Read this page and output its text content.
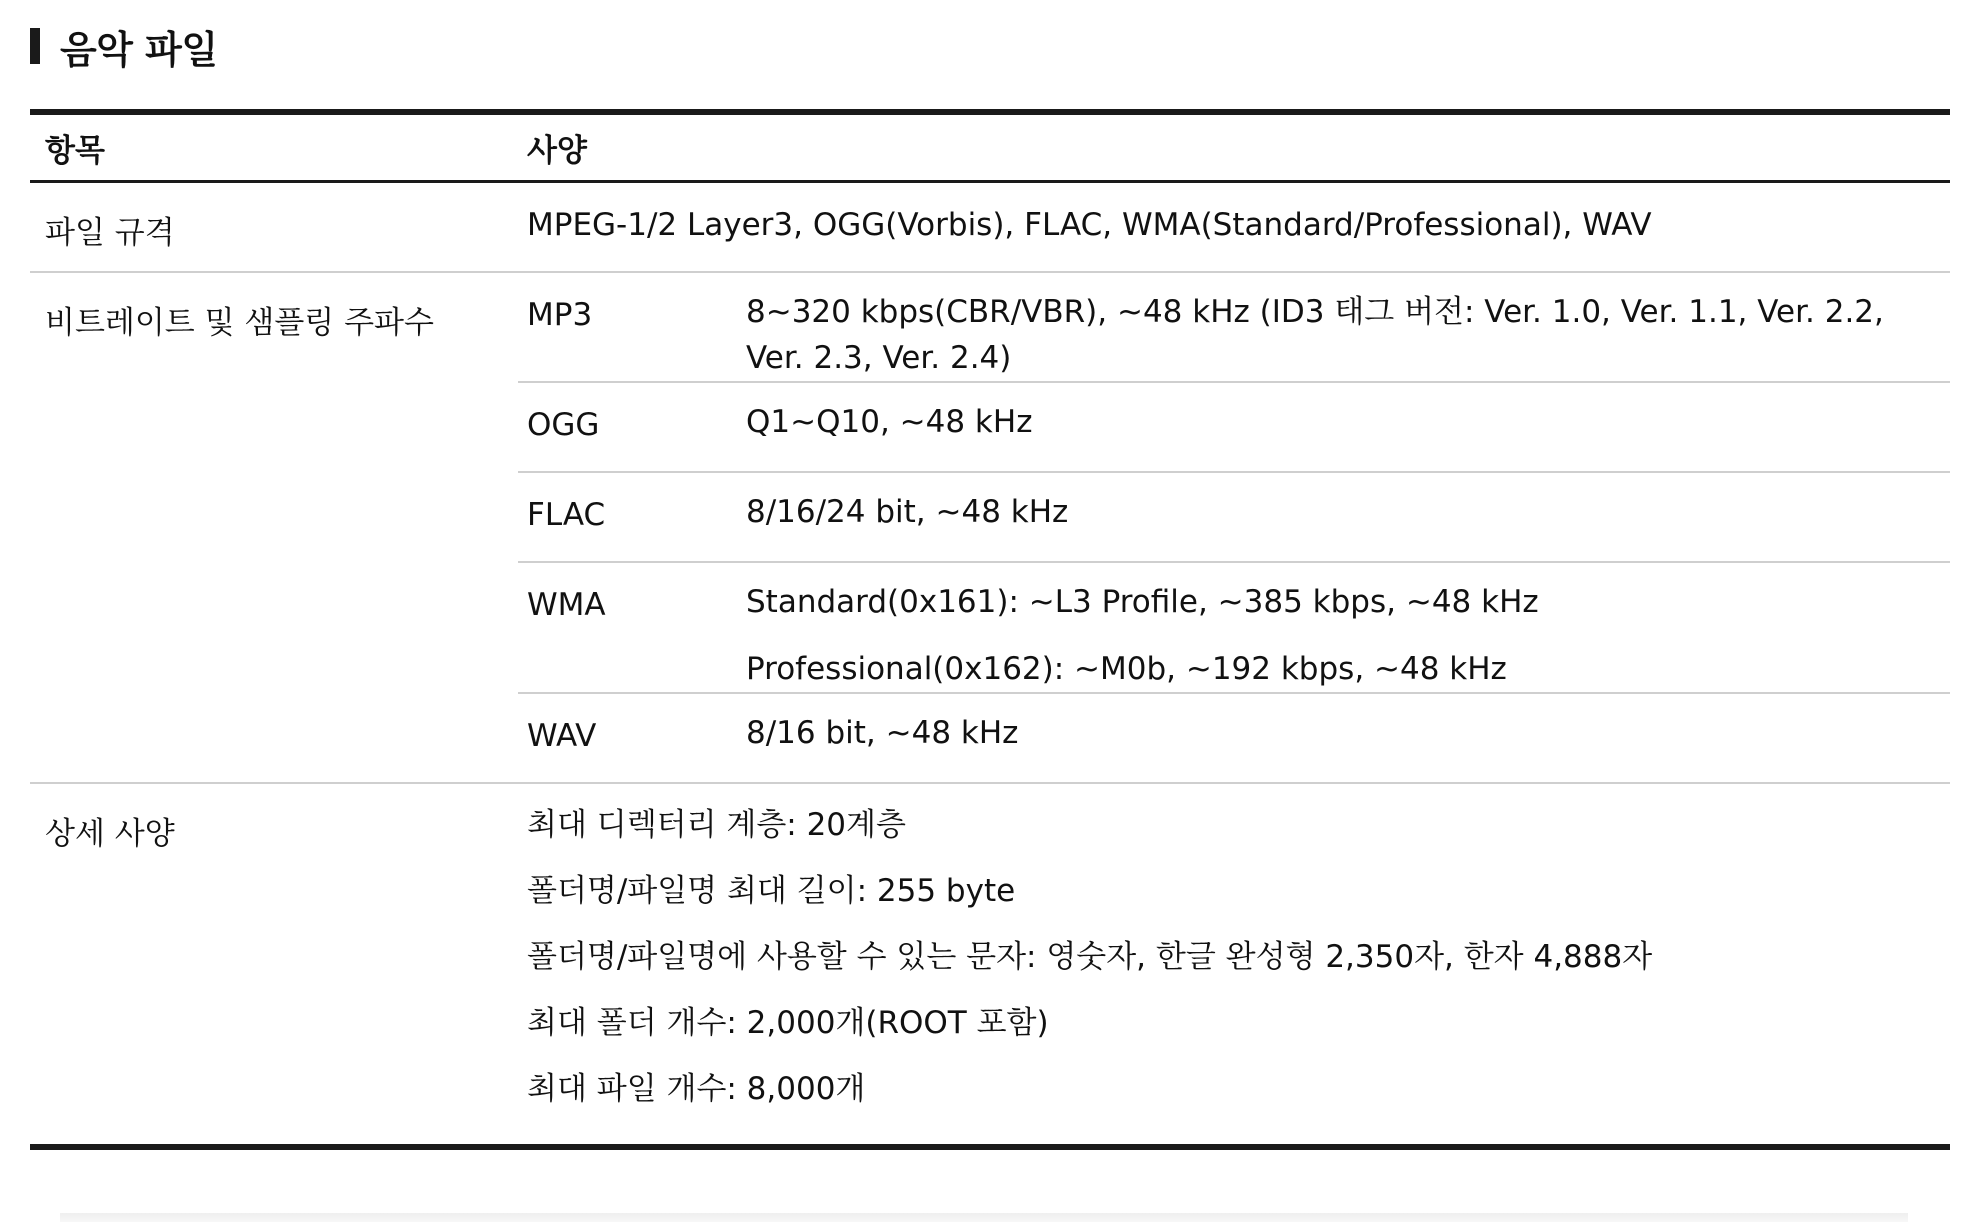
음악 파일
항목	사양
파일 규격	MPEG-1/2 Layer3, OGG(Vorbis), FLAC, WMA(Standard/Professional), WAV
비트레이트 및 샘플링 주파수	MP3	8~320 kbps(CBR/VBR), ~48 kHz (ID3 태그 버전: Ver. 1.0, Ver. 1.1, Ver. 2.2, Ver. 2.3, Ver. 2.4)
OGG	Q1~Q10, ~48 kHz
FLAC	8/16/24 bit, ~48 kHz
WMA	Standard(0x161): ~L3 Profile, ~385 kbps, ~48 kHz
Professional(0x162): ~M0b, ~192 kbps, ~48 kHz
WAV	8/16 bit, ~48 kHz
상세 사양	최대 디렉터리 계층: 20계층
폴더명/파일명 최대 길이: 255 byte
폴더명/파일명에 사용할 수 있는 문자: 영숫자, 한글 완성형 2,350자, 한자 4,888자
최대 폴더 개수: 2,000개(ROOT 포함)
최대 파일 개수: 8,000개
